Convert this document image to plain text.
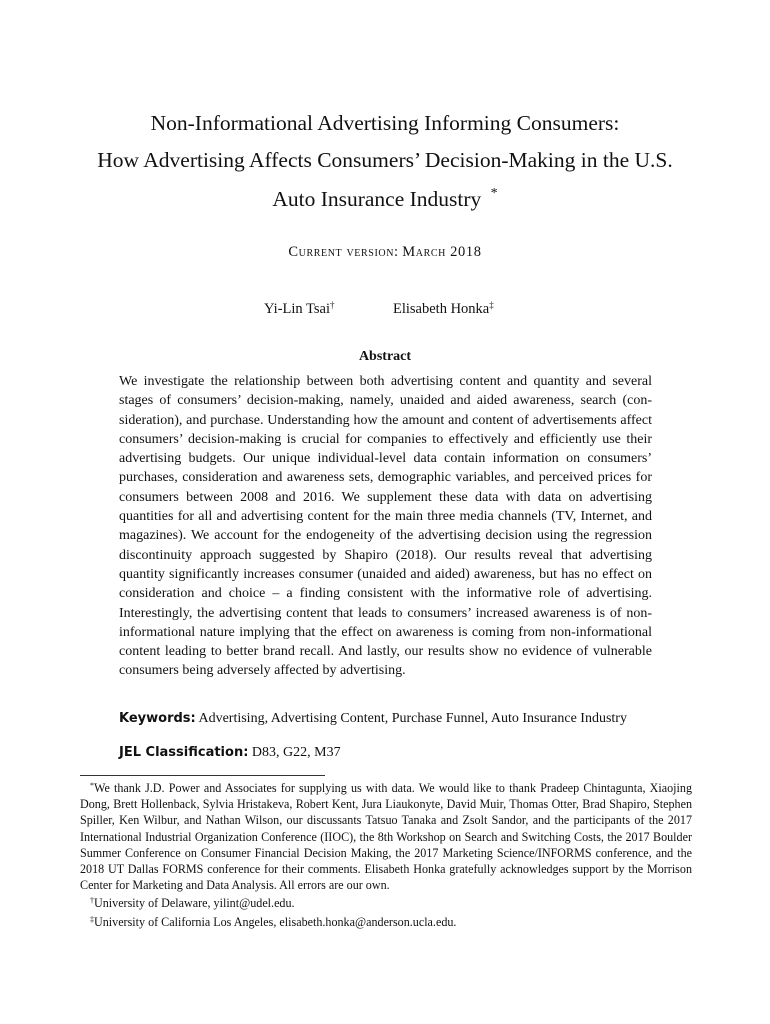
Non-Informational Advertising Informing Consumers:
How Advertising Affects Consumers’ Decision-Making in the U.S.
Auto Insurance Industry *
Current version: March 2018
Yi-Lin Tsai†	Elisabeth Honka‡
Abstract
We investigate the relationship between both advertising content and quantity and several stages of consumers’ decision-making, namely, unaided and aided awareness, search (consideration), and purchase. Understanding how the amount and content of advertisements affect consumers’ decision-making is crucial for companies to effectively and efficiently use their advertising budgets. Our unique individual-level data contain information on consumers’ purchases, consideration and awareness sets, demographic variables, and perceived prices for consumers between 2008 and 2016. We supplement these data with data on advertising quantities for all and advertising content for the main three media channels (TV, Internet, and magazines). We account for the endogeneity of the advertising decision using the regression discontinuity approach suggested by Shapiro (2018). Our results reveal that advertising quantity significantly increases consumer (unaided and aided) awareness, but has no effect on consideration and choice – a finding consistent with the informative role of advertising. Interestingly, the advertising content that leads to consumers’ increased awareness is of non-informational nature implying that the effect on awareness is coming from non-informational content leading to better brand recall. And lastly, our results show no evidence of vulnerable consumers being adversely affected by advertising.
Keywords: Advertising, Advertising Content, Purchase Funnel, Auto Insurance Industry
JEL Classification: D83, G22, M37

*We thank J.D. Power and Associates for supplying us with data. We would like to thank Pradeep Chintagunta, Xiaojing Dong, Brett Hollenback, Sylvia Hristakeva, Robert Kent, Jura Liaukonyte, David Muir, Thomas Otter, Brad Shapiro, Stephen Spiller, Ken Wilbur, and Nathan Wilson, our discussants Tatsuo Tanaka and Zsolt Sandor, and the participants of the 2017 International Industrial Organization Conference (IIOC), the 8th Workshop on Search and Switching Costs, the 2017 Boulder Summer Conference on Consumer Financial Decision Making, the 2017 Marketing Science/INFORMS conference, and the 2018 UT Dallas FORMS conference for their comments. Elisabeth Honka gratefully acknowledges support by the Morrison Center for Marketing and Data Analysis. All errors are our own.

†University of Delaware, yilint@udel.edu.

‡University of California Los Angeles, elisabeth.honka@anderson.ucla.edu.
